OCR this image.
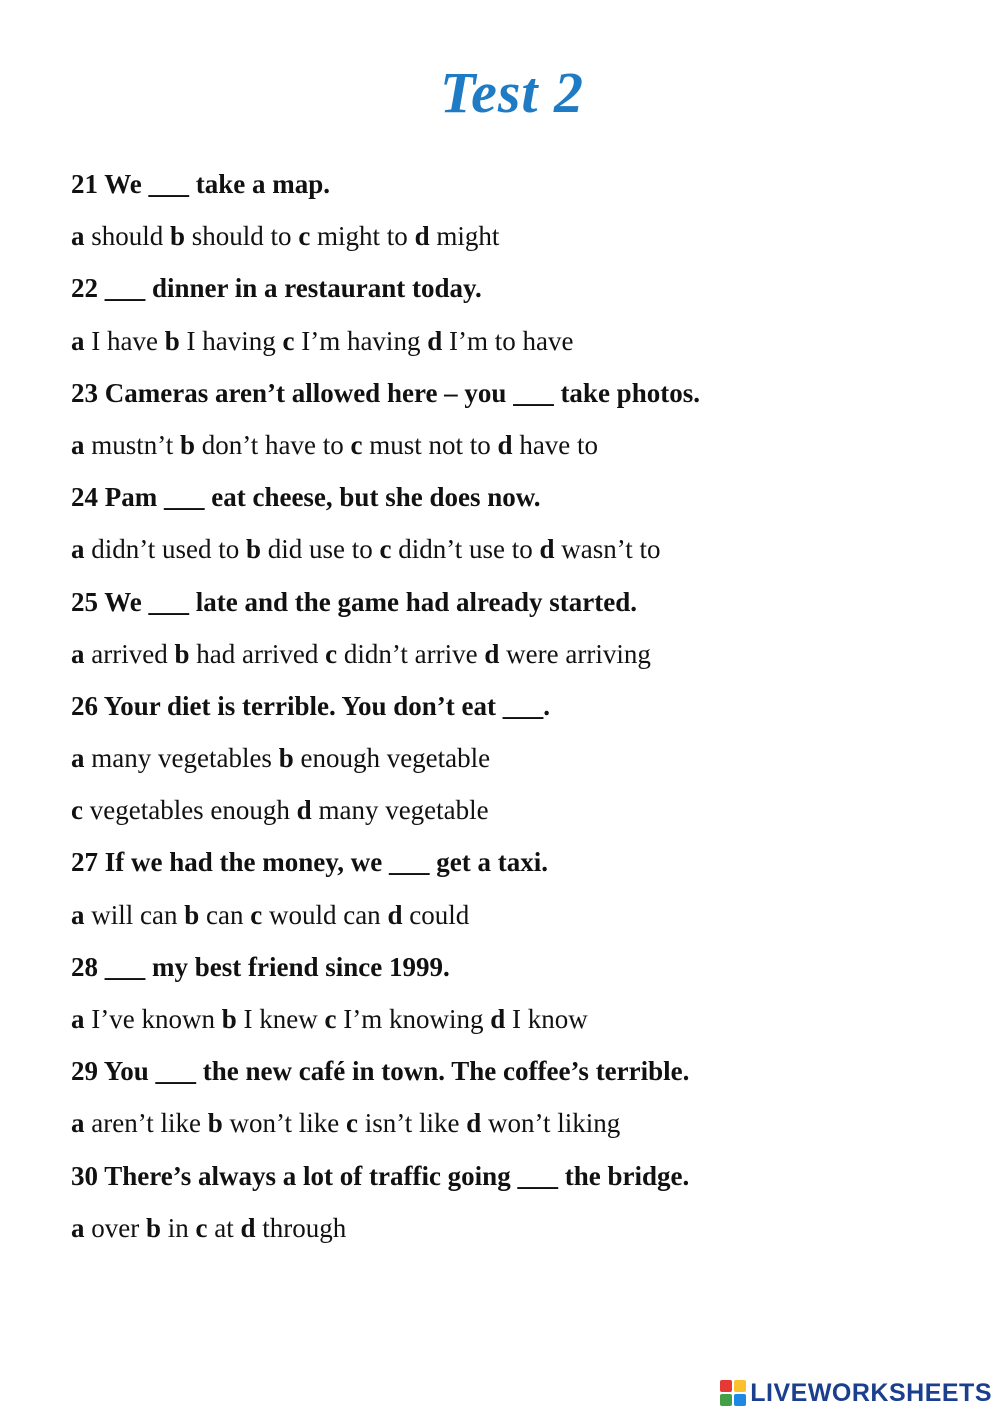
Test 2
21 We ___ take a map.
a should b should to c might to d might
22 ___ dinner in a restaurant today.
a I have b I having c I’m having d I’m to have
23 Cameras aren’t allowed here – you ___ take photos.
a mustn’t b don’t have to c must not to d have to
24 Pam ___ eat cheese, but she does now.
a didn’t used to b did use to c didn’t use to d wasn’t to
25 We ___ late and the game had already started.
a arrived b had arrived c didn’t arrive d were arriving
26 Your diet is terrible. You don’t eat ___.
a many vegetables b enough vegetable
c vegetables enough d many vegetable
27 If we had the money, we ___ get a taxi.
a will can b can c would can d could
28 ___ my best friend since 1999.
a I’ve known b I knew c I’m knowing d I know
29 You ___ the new café in town. The coffee’s terrible.
a aren’t like b won’t like c isn’t like d won’t liking
30 There’s always a lot of traffic going ___ the bridge.
a over b in c at d through
LIVEWORKSHEETS
